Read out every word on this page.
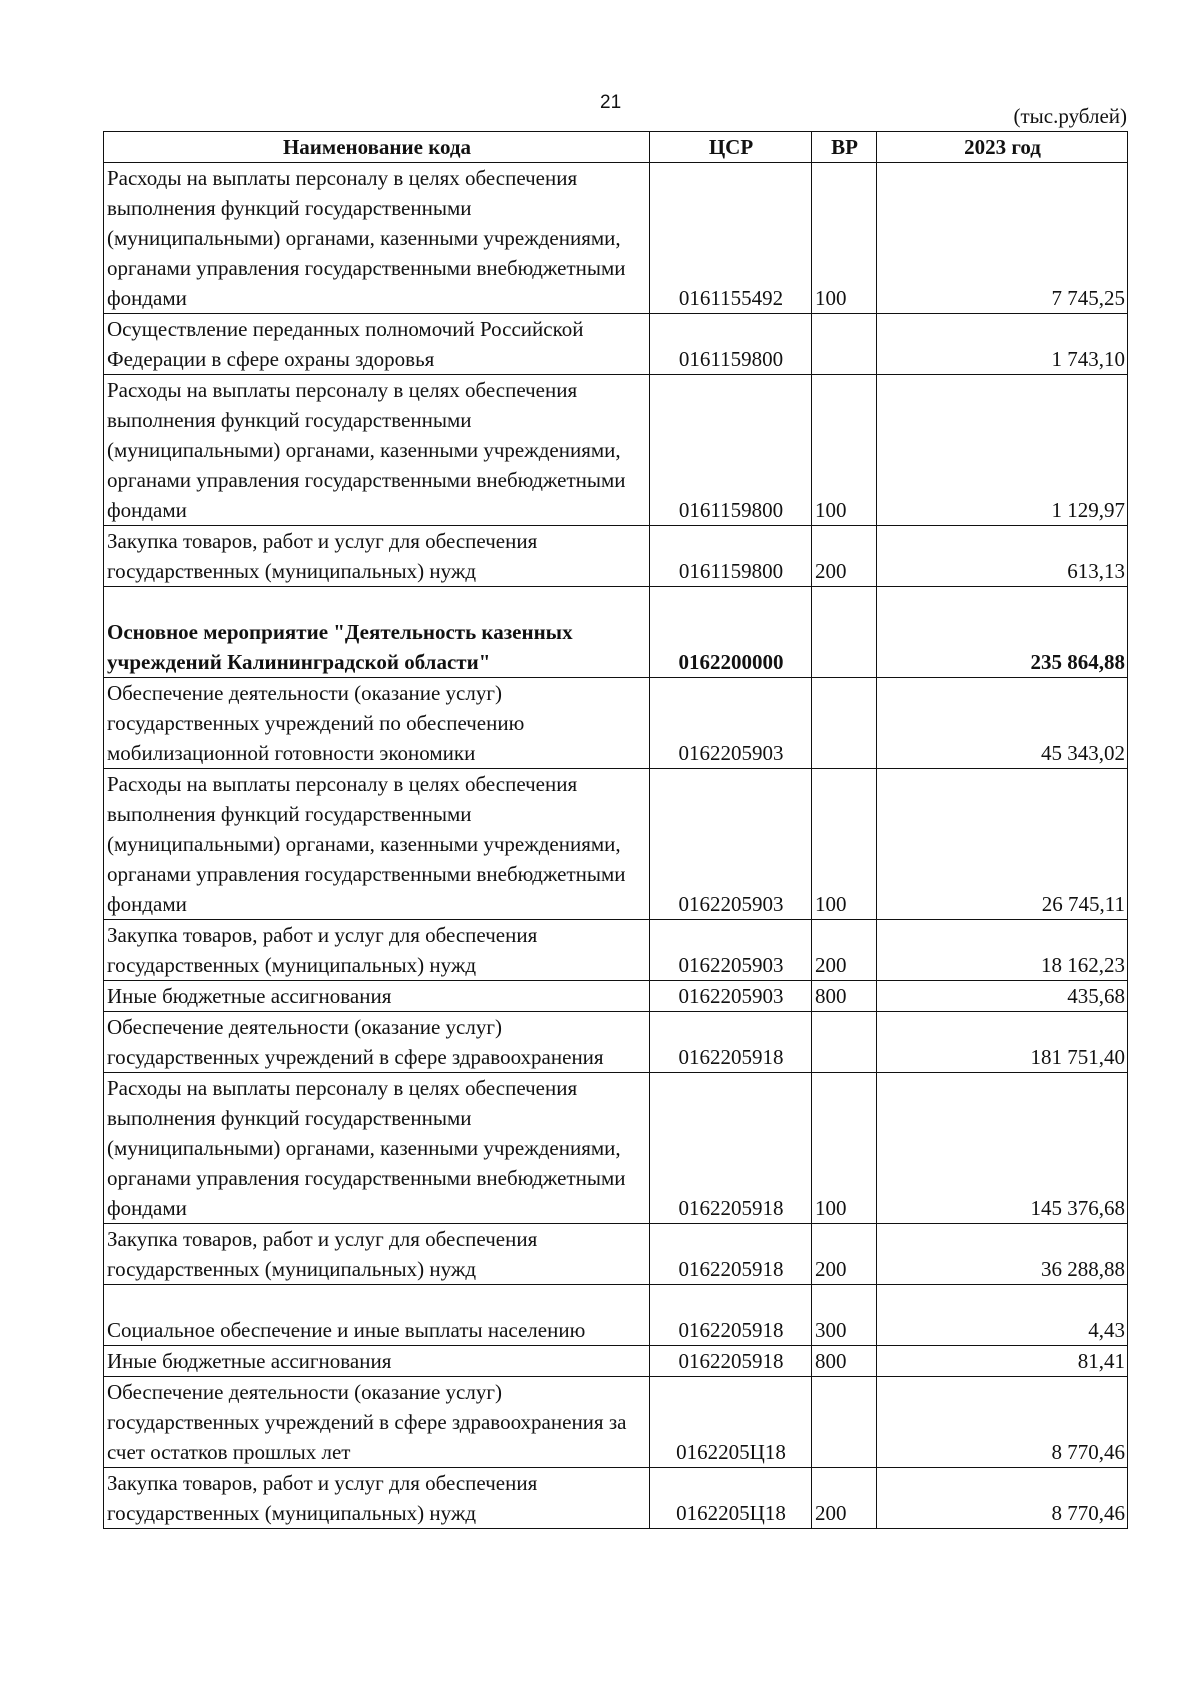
21
(тыс.рублей)
Наименование кода	ЦСР	ВР	2023 год
Расходы на выплаты персоналу в целях обеспечения выполнения функций государственными (муниципальными) органами, казенными учреждениями, органами управления государственными внебюджетными фондами	0161155492	100	7 745,25
Осуществление переданных полномочий Российской Федерации в сфере охраны здоровья	0161159800		1 743,10
Расходы на выплаты персоналу в целях обеспечения выполнения функций государственными (муниципальными) органами, казенными учреждениями, органами управления государственными внебюджетными фондами	0161159800	100	1 129,97
Закупка товаров, работ и услуг для обеспечения государственных (муниципальных) нужд	0161159800	200	613,13
Основное мероприятие "Деятельность казенных учреждений Калининградской области"	0162200000		235 864,88
Обеспечение деятельности (оказание услуг) государственных учреждений по обеспечению мобилизационной готовности экономики	0162205903		45 343,02
Расходы на выплаты персоналу в целях обеспечения выполнения функций государственными (муниципальными) органами, казенными учреждениями, органами управления государственными внебюджетными фондами	0162205903	100	26 745,11
Закупка товаров, работ и услуг для обеспечения государственных (муниципальных) нужд	0162205903	200	18 162,23
Иные бюджетные ассигнования	0162205903	800	435,68
Обеспечение деятельности (оказание услуг) государственных учреждений в сфере здравоохранения	0162205918		181 751,40
Расходы на выплаты персоналу в целях обеспечения выполнения функций государственными (муниципальными) органами, казенными учреждениями, органами управления государственными внебюджетными фондами	0162205918	100	145 376,68
Закупка товаров, работ и услуг для обеспечения государственных (муниципальных) нужд	0162205918	200	36 288,88
Социальное обеспечение и иные выплаты населению	0162205918	300	4,43
Иные бюджетные ассигнования	0162205918	800	81,41
Обеспечение деятельности (оказание услуг) государственных учреждений в сфере здравоохранения за счет остатков прошлых лет	0162205Ц18		8 770,46
Закупка товаров, работ и услуг для обеспечения государственных (муниципальных) нужд	0162205Ц18	200	8 770,46
